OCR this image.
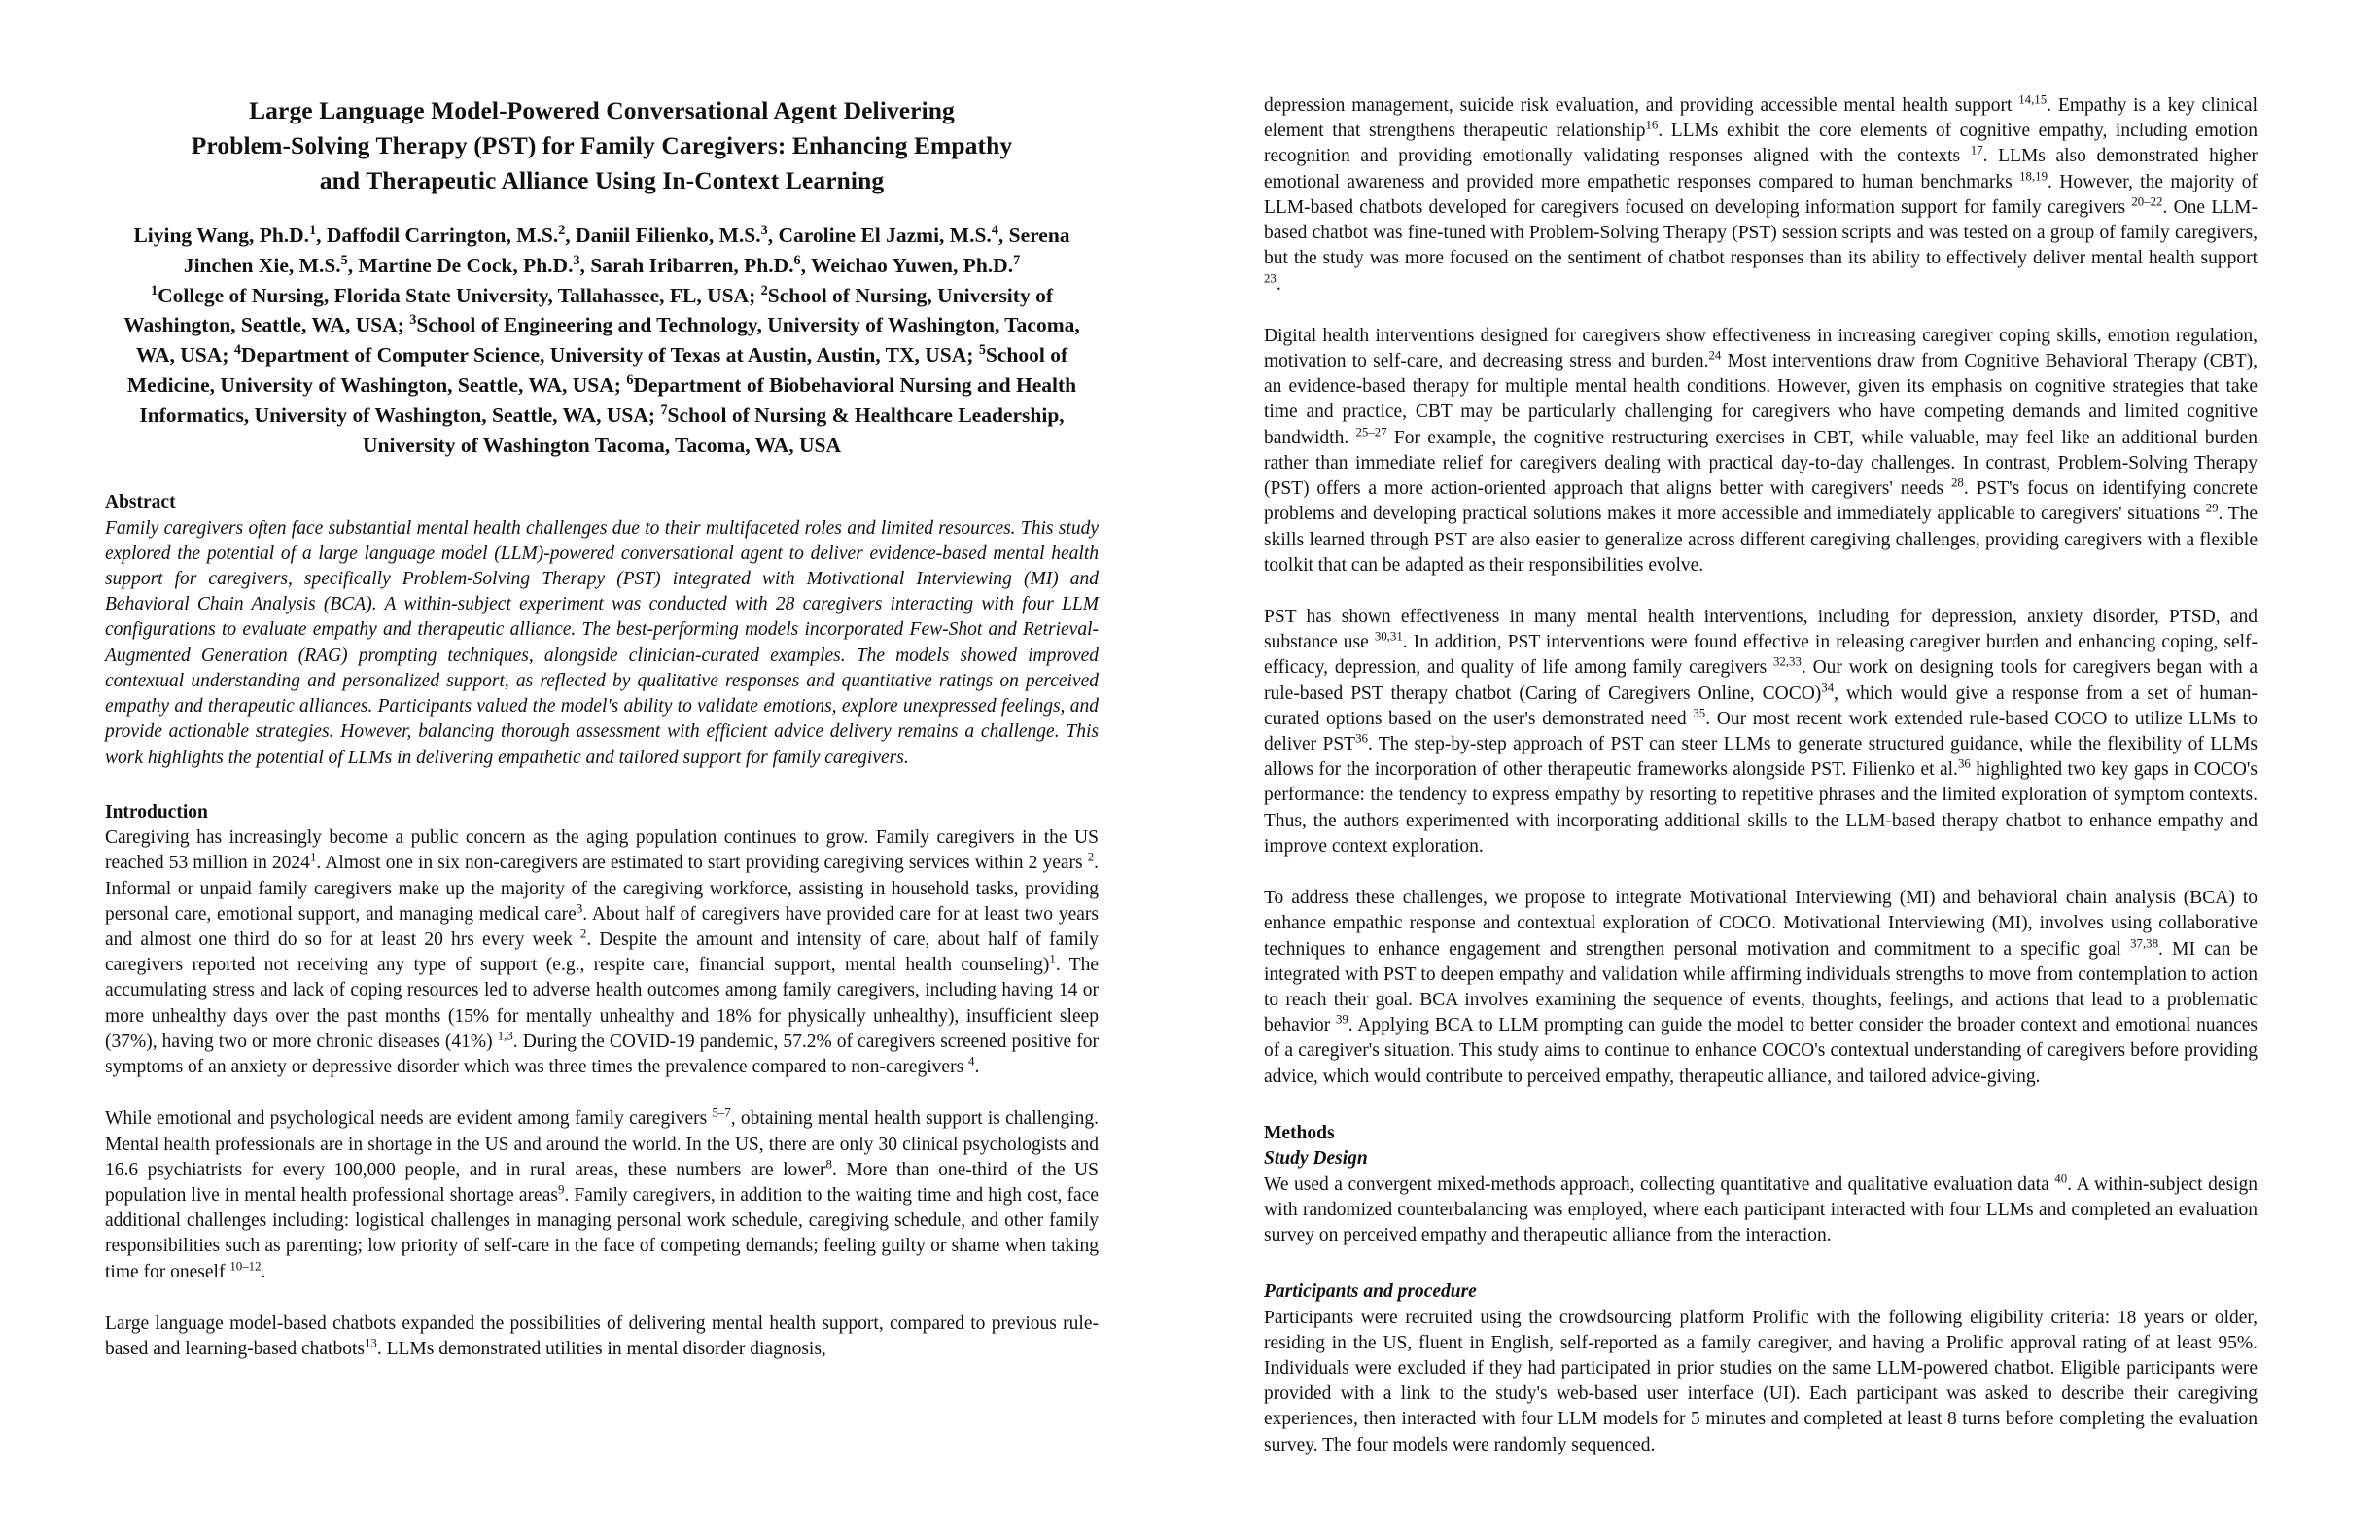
Large Language Model-Powered Conversational Agent Delivering
Problem-Solving Therapy (PST) for Family Caregivers: Enhancing Empathy
and Therapeutic Alliance Using In-Context Learning
Liying Wang, Ph.D.$^1$, Daffodil Carrington, M.S.$^2$, Daniil Filienko, M.S.$^3$, Caroline El Jazmi, M.S.$^4$, Serena Jinchen Xie, M.S.$^5$, Martine De Cock, Ph.D.$^3$, Sarah Iribarren, Ph.D.$^6$, Weichao Yuwen, Ph.D.$^7$
$^1$College of Nursing, Florida State University, Tallahassee, FL, USA; $^2$School of Nursing, University of Washington, Seattle, WA, USA; $^3$School of Engineering and Technology, University of Washington, Tacoma, WA, USA; $^4$Department of Computer Science, University of Texas at Austin, Austin, TX, USA; $^5$School of Medicine, University of Washington, Seattle, WA, USA; $^6$Department of Biobehavioral Nursing and Health Informatics, University of Washington, Seattle, WA, USA; $^7$School of Nursing & Healthcare Leadership, University of Washington Tacoma, Tacoma, WA, USA
Abstract

Family caregivers often face substantial mental health challenges due to their multifaceted roles and limited resources. This study explored the potential of a large language model (LLM)-powered conversational agent to deliver evidence-based mental health support for caregivers, specifically Problem-Solving Therapy (PST) integrated with Motivational Interviewing (MI) and Behavioral Chain Analysis (BCA). A within-subject experiment was conducted with 28 caregivers interacting with four LLM configurations to evaluate empathy and therapeutic alliance. The best-performing models incorporated Few-Shot and Retrieval-Augmented Generation (RAG) prompting techniques, alongside clinician-curated examples. The models showed improved contextual understanding and personalized support, as reflected by qualitative responses and quantitative ratings on perceived empathy and therapeutic alliances. Participants valued the model's ability to validate emotions, explore unexpressed feelings, and provide actionable strategies. However, balancing thorough assessment with efficient advice delivery remains a challenge. This work highlights the potential of LLMs in delivering empathetic and tailored support for family caregivers.

Introduction

Caregiving has increasingly become a public concern as the aging population continues to grow. Family caregivers in the US reached 53 million in 2024$^1$. Almost one in six non-caregivers are estimated to start providing caregiving services within 2 years $^2$. Informal or unpaid family caregivers make up the majority of the caregiving workforce, assisting in household tasks, providing personal care, emotional support, and managing medical care$^3$. About half of caregivers have provided care for at least two years and almost one third do so for at least 20 hrs every week $^2$. Despite the amount and intensity of care, about half of family caregivers reported not receiving any type of support (e.g., respite care, financial support, mental health counseling)$^1$. The accumulating stress and lack of coping resources led to adverse health outcomes among family caregivers, including having 14 or more unhealthy days over the past months (15% for mentally unhealthy and 18% for physically unhealthy), insufficient sleep (37%), having two or more chronic diseases (41%) $^{1,3}$. During the COVID-19 pandemic, 57.2% of caregivers screened positive for symptoms of an anxiety or depressive disorder which was three times the prevalence compared to non-caregivers $^4$.

While emotional and psychological needs are evident among family caregivers $^{5-7}$, obtaining mental health support is challenging. Mental health professionals are in shortage in the US and around the world. In the US, there are only 30 clinical psychologists and 16.6 psychiatrists for every 100,000 people, and in rural areas, these numbers are lower$^8$. More than one-third of the US population live in mental health professional shortage areas$^9$. Family caregivers, in addition to the waiting time and high cost, face additional challenges including: logistical challenges in managing personal work schedule, caregiving schedule, and other family responsibilities such as parenting; low priority of self-care in the face of competing demands; feeling guilty or shame when taking time for oneself $^{10-12}$.

Large language model-based chatbots expanded the possibilities of delivering mental health support, compared to previous rule-based and learning-based chatbots$^{13}$. LLMs demonstrated utilities in mental disorder diagnosis,

depression management, suicide risk evaluation, and providing accessible mental health support $^{14,15}$. Empathy is a key clinical element that strengthens therapeutic relationship$^{16}$. LLMs exhibit the core elements of cognitive empathy, including emotion recognition and providing emotionally validating responses aligned with the contexts $^{17}$. LLMs also demonstrated higher emotional awareness and provided more empathetic responses compared to human benchmarks $^{18,19}$. However, the majority of LLM-based chatbots developed for caregivers focused on developing information support for family caregivers $^{20-22}$. One LLM-based chatbot was fine-tuned with Problem-Solving Therapy (PST) session scripts and was tested on a group of family caregivers, but the study was more focused on the sentiment of chatbot responses than its ability to effectively deliver mental health support $^{23}$.

Digital health interventions designed for caregivers show effectiveness in increasing caregiver coping skills, emotion regulation, motivation to self-care, and decreasing stress and burden.$^{24}$ Most interventions draw from Cognitive Behavioral Therapy (CBT), an evidence-based therapy for multiple mental health conditions. However, given its emphasis on cognitive strategies that take time and practice, CBT may be particularly challenging for caregivers who have competing demands and limited cognitive bandwidth. $^{25-27}$ For example, the cognitive restructuring exercises in CBT, while valuable, may feel like an additional burden rather than immediate relief for caregivers dealing with practical day-to-day challenges. In contrast, Problem-Solving Therapy (PST) offers a more action-oriented approach that aligns better with caregivers' needs $^{28}$. PST's focus on identifying concrete problems and developing practical solutions makes it more accessible and immediately applicable to caregivers' situations $^{29}$. The skills learned through PST are also easier to generalize across different caregiving challenges, providing caregivers with a flexible toolkit that can be adapted as their responsibilities evolve.

PST has shown effectiveness in many mental health interventions, including for depression, anxiety disorder, PTSD, and substance use $^{30,31}$. In addition, PST interventions were found effective in releasing caregiver burden and enhancing coping, self-efficacy, depression, and quality of life among family caregivers $^{32,33}$. Our work on designing tools for caregivers began with a rule-based PST therapy chatbot (Caring of Caregivers Online, COCO)$^{34}$, which would give a response from a set of human-curated options based on the user's demonstrated need $^{35}$. Our most recent work extended rule-based COCO to utilize LLMs to deliver PST$^{36}$. The step-by-step approach of PST can steer LLMs to generate structured guidance, while the flexibility of LLMs allows for the incorporation of other therapeutic frameworks alongside PST. Filienko et al.$^{36}$ highlighted two key gaps in COCO's performance: the tendency to express empathy by resorting to repetitive phrases and the limited exploration of symptom contexts. Thus, the authors experimented with incorporating additional skills to the LLM-based therapy chatbot to enhance empathy and improve context exploration.

To address these challenges, we propose to integrate Motivational Interviewing (MI) and behavioral chain analysis (BCA) to enhance empathic response and contextual exploration of COCO. Motivational Interviewing (MI), involves using collaborative techniques to enhance engagement and strengthen personal motivation and commitment to a specific goal $^{37,38}$. MI can be integrated with PST to deepen empathy and validation while affirming individuals strengths to move from contemplation to action to reach their goal. BCA involves examining the sequence of events, thoughts, feelings, and actions that lead to a problematic behavior $^{39}$. Applying BCA to LLM prompting can guide the model to better consider the broader context and emotional nuances of a caregiver's situation. This study aims to continue to enhance COCO's contextual understanding of caregivers before providing advice, which would contribute to perceived empathy, therapeutic alliance, and tailored advice-giving.

Methods
Study Design

We used a convergent mixed-methods approach, collecting quantitative and qualitative evaluation data $^{40}$. A within-subject design with randomized counterbalancing was employed, where each participant interacted with four LLMs and completed an evaluation survey on perceived empathy and therapeutic alliance from the interaction.

Participants and procedure

Participants were recruited using the crowdsourcing platform Prolific with the following eligibility criteria: 18 years or older, residing in the US, fluent in English, self-reported as a family caregiver, and having a Prolific approval rating of at least 95%. Individuals were excluded if they had participated in prior studies on the same LLM-powered chatbot. Eligible participants were provided with a link to the study's web-based user interface (UI). Each participant was asked to describe their caregiving experiences, then interacted with four LLM models for 5 minutes and completed at least 8 turns before completing the evaluation survey. The four models were randomly sequenced.
